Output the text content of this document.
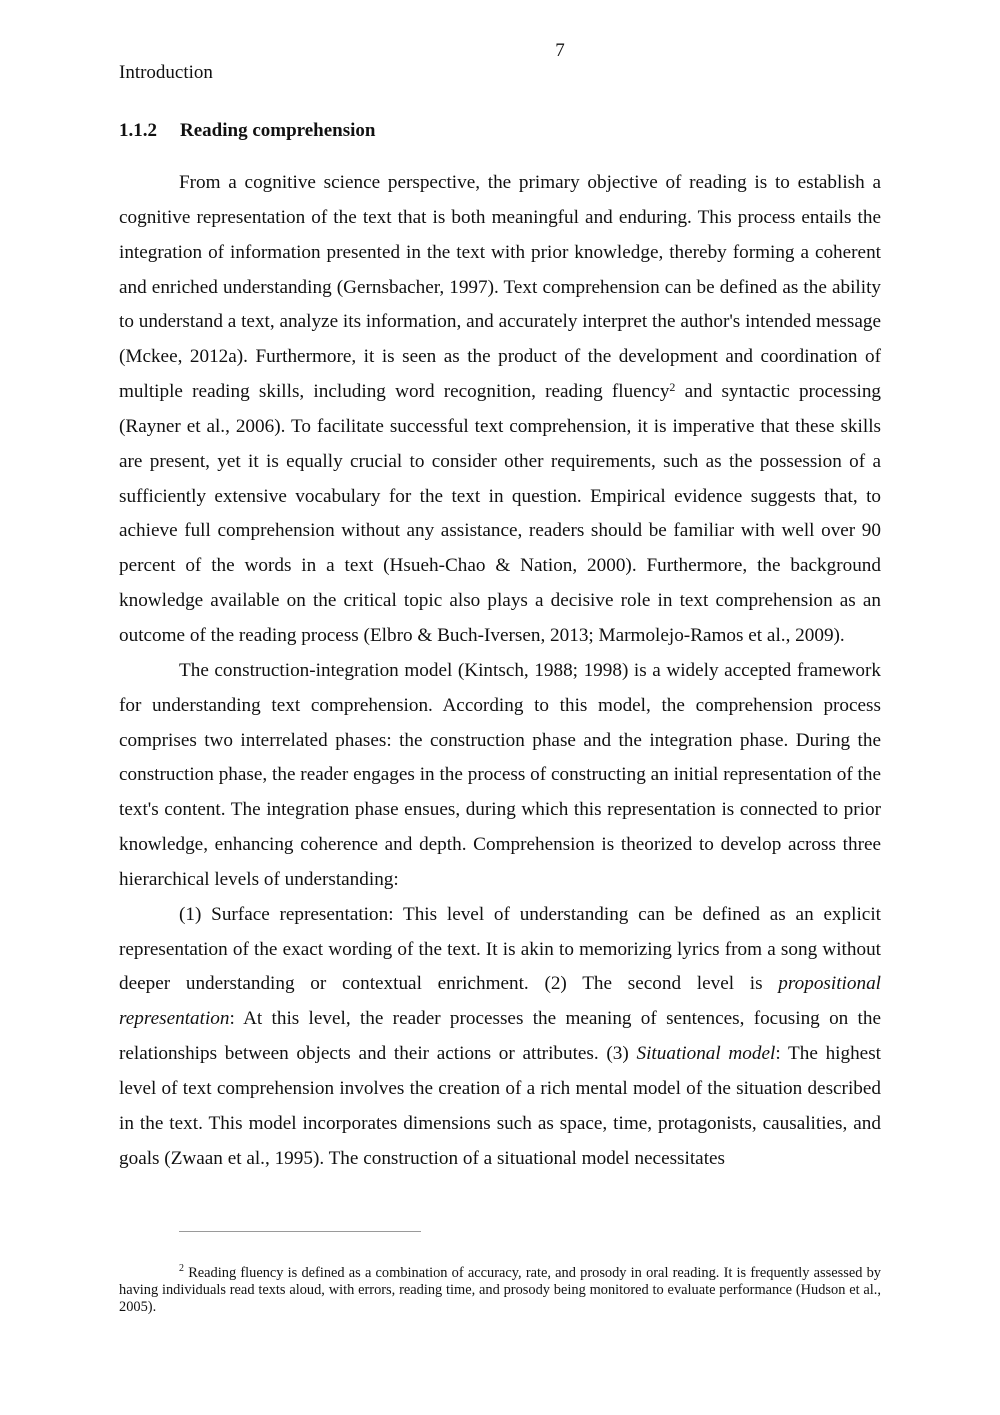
7
Introduction
1.1.2 Reading comprehension

From a cognitive science perspective, the primary objective of reading is to establish a cognitive representation of the text that is both meaningful and enduring. This process entails the integration of information presented in the text with prior knowledge, thereby forming a coherent and enriched understanding (Gernsbacher, 1997). Text comprehension can be defined as the ability to understand a text, analyze its information, and accurately interpret the author's intended message (Mckee, 2012a). Furthermore, it is seen as the product of the development and coordination of multiple reading skills, including word recognition, reading fluency$^2$ and syntactic processing (Rayner et al., 2006). To facilitate successful text comprehension, it is imperative that these skills are present, yet it is equally crucial to consider other requirements, such as the possession of a sufficiently extensive vocabulary for the text in question. Empirical evidence suggests that, to achieve full comprehension without any assistance, readers should be familiar with well over 90 percent of the words in a text (Hsueh-Chao & Nation, 2000). Furthermore, the background knowledge available on the critical topic also plays a decisive role in text comprehension as an outcome of the reading process (Elbro & Buch-Iversen, 2013; Marmolejo-Ramos et al., 2009).

The construction-integration model (Kintsch, 1988; 1998) is a widely accepted framework for understanding text comprehension. According to this model, the comprehension process comprises two interrelated phases: the construction phase and the integration phase. During the construction phase, the reader engages in the process of constructing an initial representation of the text's content. The integration phase ensues, during which this representation is connected to prior knowledge, enhancing coherence and depth. Comprehension is theorized to develop across three hierarchical levels of understanding:

(1) Surface representation: This level of understanding can be defined as an explicit representation of the exact wording of the text. It is akin to memorizing lyrics from a song without deeper understanding or contextual enrichment. (2) The second level is propositional representation: At this level, the reader processes the meaning of sentences, focusing on the relationships between objects and their actions or attributes. (3) Situational model: The highest level of text comprehension involves the creation of a rich mental model of the situation described in the text. This model incorporates dimensions such as space, time, protagonists, causalities, and goals (Zwaan et al., 1995). The construction of a situational model necessitates

$^2$ Reading fluency is defined as a combination of accuracy, rate, and prosody in oral reading. It is frequently assessed by having individuals read texts aloud, with errors, reading time, and prosody being monitored to evaluate performance (Hudson et al., 2005).
